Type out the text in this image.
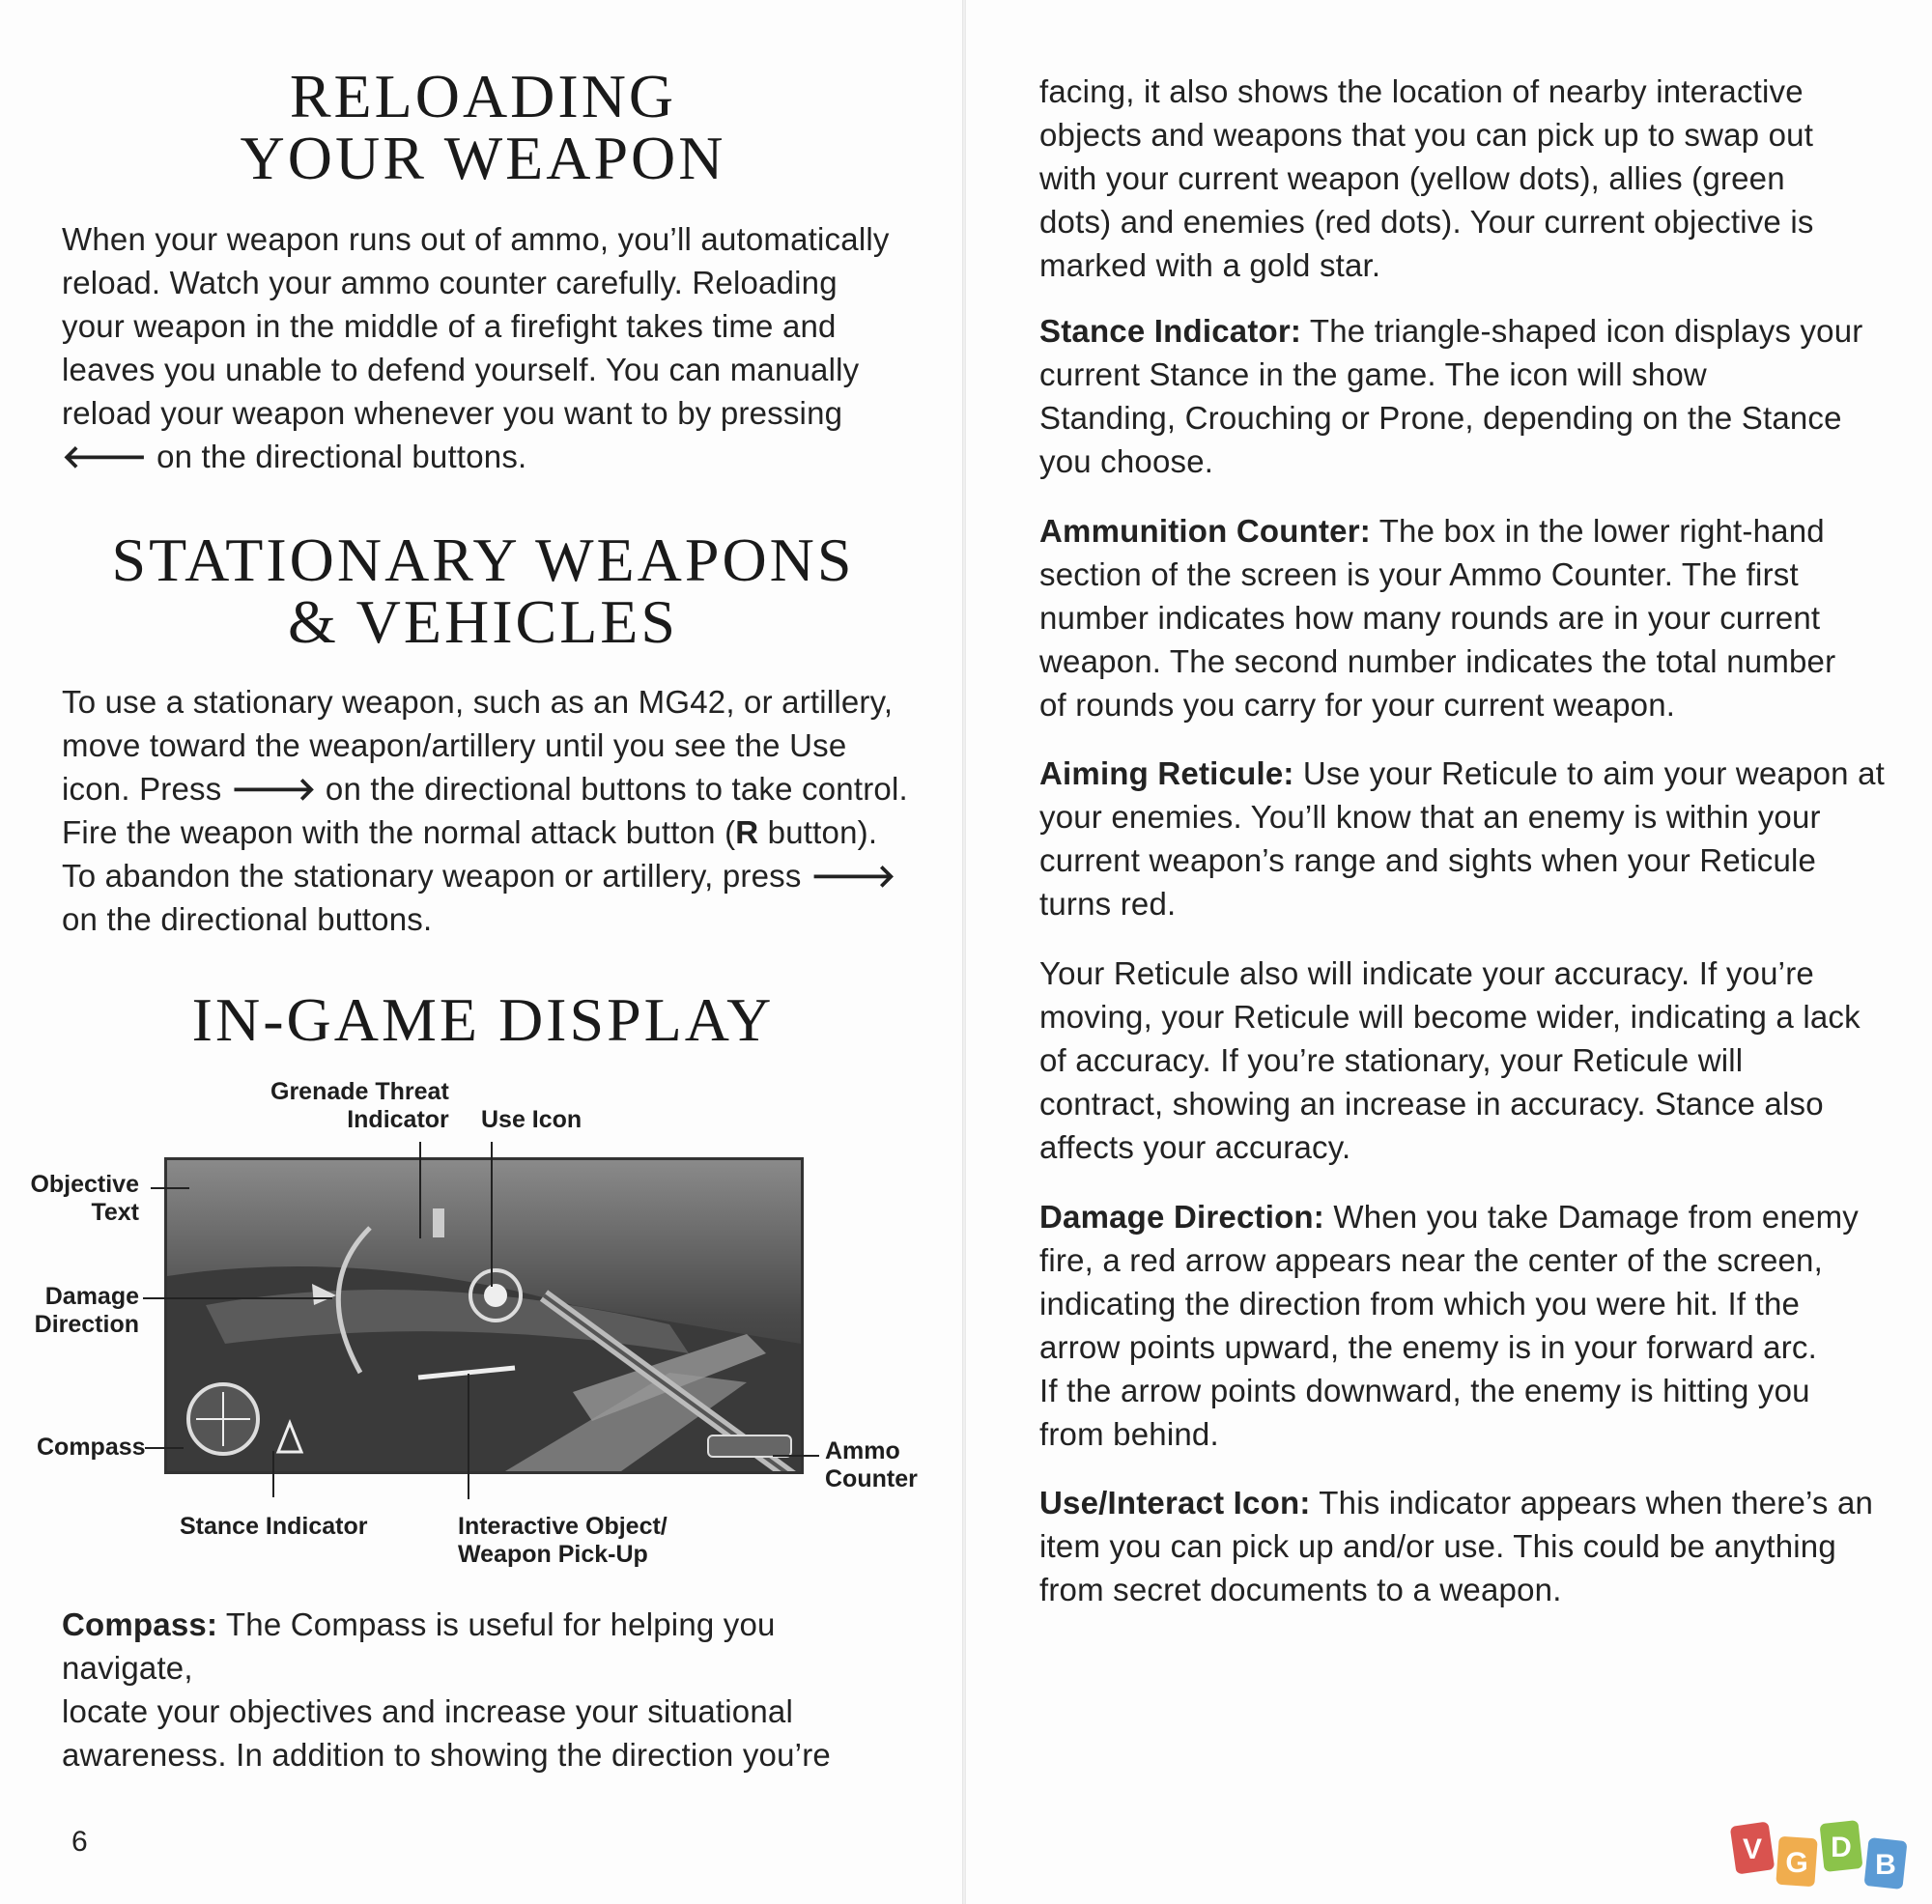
RELOADING
YOUR WEAPON
When your weapon runs out of ammo, you’ll automatically
reload. Watch your ammo counter carefully. Reloading
your weapon in the middle of a firefight takes time and
leaves you unable to defend yourself. You can manually
reload your weapon whenever you want to by pressing
🡐 on the directional buttons.
STATIONARY WEAPONS
& VEHICLES
To use a stationary weapon, such as an MG42, or artillery,
move toward the weapon/artillery until you see the Use
icon. Press 🡒 on the directional buttons to take control.
Fire the weapon with the normal attack button (R button).
To abandon the stationary weapon or artillery, press 🡒
on the directional buttons.
IN-GAME DISPLAY
Grenade Threat
Indicator Use Icon
Objective
Text
Damage
Direction
Compass	Ammo
Counter
Stance Indicator	Interactive Object/
Weapon Pick-Up
Compass: The Compass is useful for helping you navigate,
locate your objectives and increase your situational
awareness. In addition to showing the direction you’re
6
facing, it also shows the location of nearby interactive
objects and weapons that you can pick up to swap out
with your current weapon (yellow dots), allies (green
dots) and enemies (red dots). Your current objective is
marked with a gold star.
Stance Indicator: The triangle-shaped icon displays your
current Stance in the game. The icon will show
Standing, Crouching or Prone, depending on the Stance
you choose.
Ammunition Counter: The box in the lower right-hand
section of the screen is your Ammo Counter. The first
number indicates how many rounds are in your current
weapon. The second number indicates the total number
of rounds you carry for your current weapon.
Aiming Reticule: Use your Reticule to aim your weapon at
your enemies. You’ll know that an enemy is within your
current weapon’s range and sights when your Reticule
turns red.
Your Reticule also will indicate your accuracy. If you’re
moving, your Reticule will become wider, indicating a lack
of accuracy. If you’re stationary, your Reticule will
contract, showing an increase in accuracy. Stance also
affects your accuracy.
Damage Direction: When you take Damage from enemy
fire, a red arrow appears near the center of the screen,
indicating the direction from which you were hit. If the
arrow points upward, the enemy is in your forward arc.
If the arrow points downward, the enemy is hitting you
from behind.
Use/Interact Icon: This indicator appears when there’s an
item you can pick up and/or use. This could be anything
from secret documents to a weapon.
V G D
B
